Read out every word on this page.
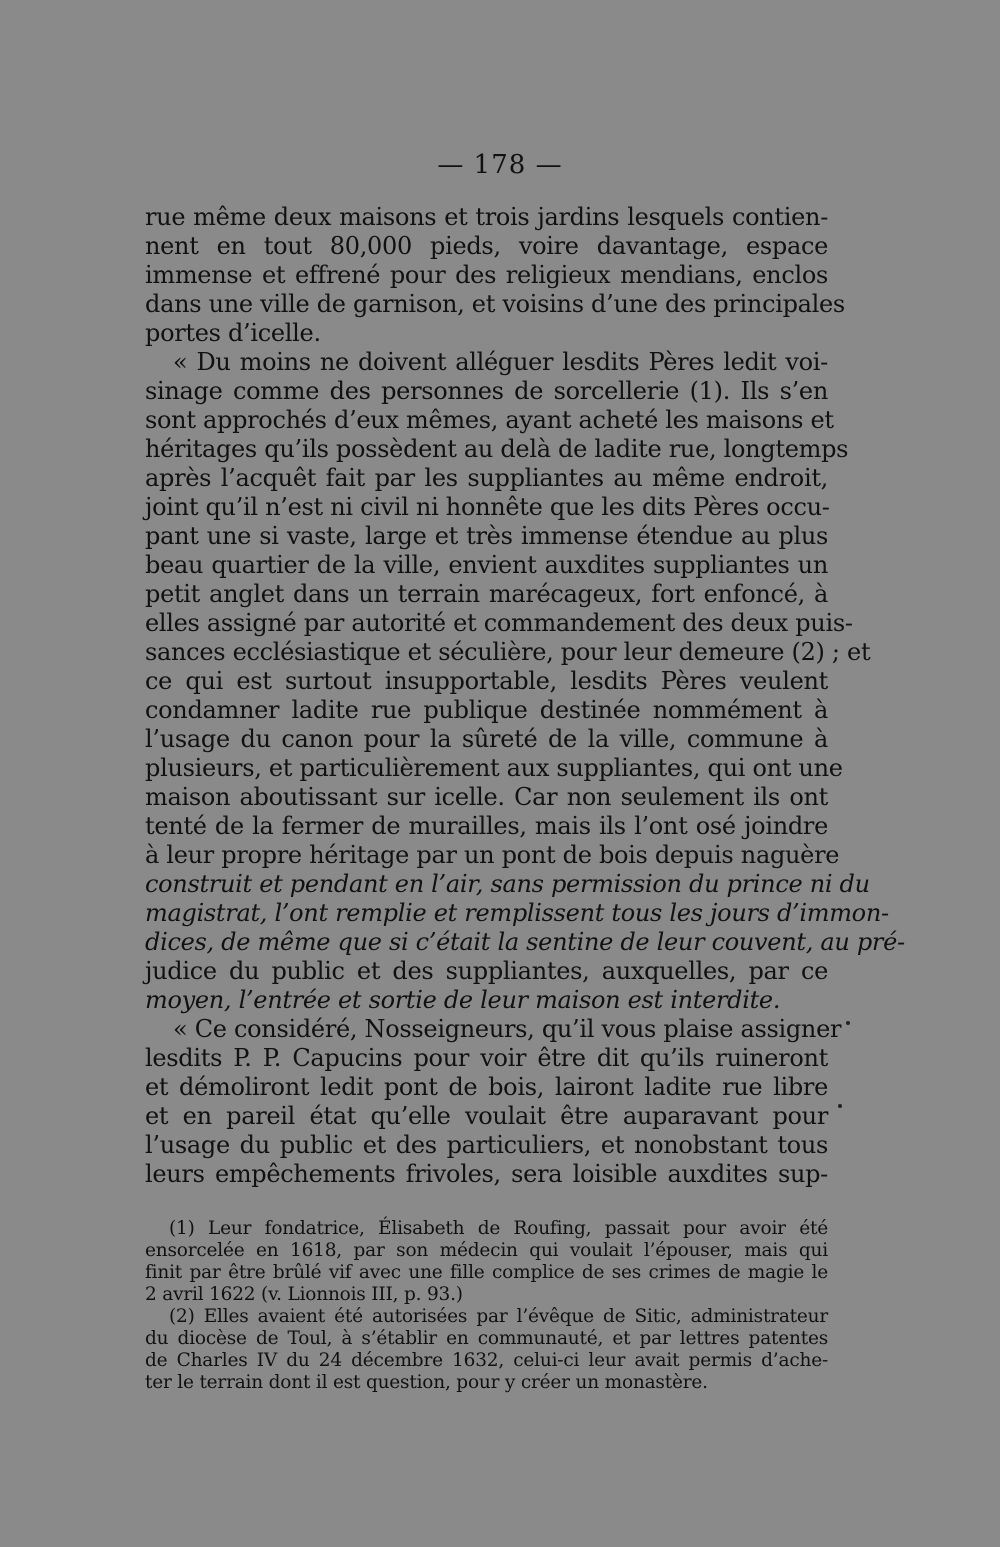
— 178 —

rue même deux maisons et trois jardins lesquels contien-
nent en tout 80,000 pieds, voire davantage, espace
immense et effrené pour des religieux mendians, enclos
dans une ville de garnison, et voisins d’une des principales
portes d’icelle.

« Du moins ne doivent alléguer lesdits Pères ledit voi-
sinage comme des personnes de sorcellerie (1). Ils s’en
sont approchés d’eux mêmes, ayant acheté les maisons et
héritages qu’ils possèdent au delà de ladite rue, longtemps
après l’acquêt fait par les suppliantes au même endroit,
joint qu’il n’est ni civil ni honnête que les dits Pères occu-
pant une si vaste, large et très immense étendue au plus
beau quartier de la ville, envient auxdites suppliantes un
petit anglet dans un terrain marécageux, fort enfoncé, à
elles assigné par autorité et commandement des deux puis-
sances ecclésiastique et séculière, pour leur demeure (2) ; et
ce qui est surtout insupportable, lesdits Pères veulent
condamner ladite rue publique destinée nommément à
l’usage du canon pour la sûreté de la ville, commune à
plusieurs, et particulièrement aux suppliantes, qui ont une
maison aboutissant sur icelle. Car non seulement ils ont
tenté de la fermer de murailles, mais ils l’ont osé joindre
à leur propre héritage par un pont de bois depuis naguère
construit et pendant en l’air, sans permission du prince ni du
magistrat, l’ont remplie et remplissent tous les jours d’immon-
dices, de même que si c’était la sentine de leur couvent, au pré-
judice du public et des suppliantes, auxquelles, par ce
moyen, l’entrée et sortie de leur maison est interdite.

« Ce considéré, Nosseigneurs, qu’il vous plaise assigner
lesdits P. P. Capucins pour voir être dit qu’ils ruineront
et démoliront ledit pont de bois, lairont ladite rue libre
et en pareil état qu’elle voulait être auparavant pour
l’usage du public et des particuliers, et nonobstant tous
leurs empêchements frivoles, sera loisible auxdites sup-

(1) Leur fondatrice, Élisabeth de Roufing, passait pour avoir été
ensorcelée en 1618, par son médecin qui voulait l’épouser, mais qui
finit par être brûlé vif avec une fille complice de ses crimes de magie le
2 avril 1622 (v. Lionnois III, p. 93.)
(2) Elles avaient été autorisées par l’évêque de Sitic, administrateur
du diocèse de Toul, à s’établir en communauté, et par lettres patentes
de Charles IV du 24 décembre 1632, celui-ci leur avait permis d’ache-
ter le terrain dont il est question, pour y créer un monastère.
